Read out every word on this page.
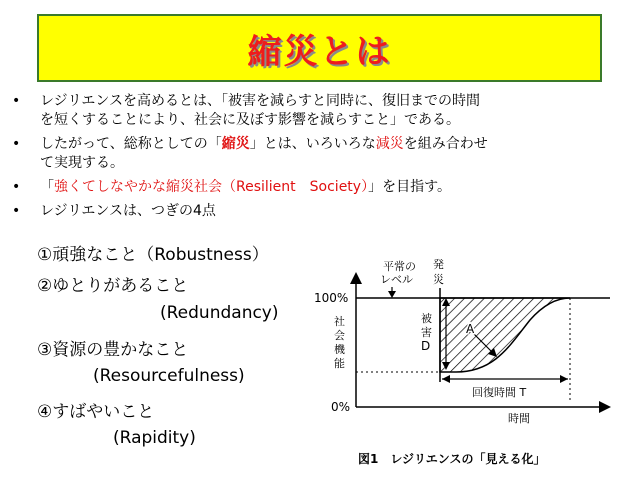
縮災とは
• レジリエンスを高めるとは、「被害を減らすと同時に、復旧までの時間
を短くすることにより、社会に及ぼす影響を減らすこと」である。
• したがって、総称としての「縮災」とは、いろいろな減災を組み合わせ
て実現する。
• 「強くてしなやかな縮災社会（Resilient　Society）」を目指す。
• レジリエンスは、つぎの4点
①頑強なこと（Robustness）
②ゆとりがあること
(Redundancy)
③資源の豊かなこと
(Resourcefulness)
④すばやいこと
(Rapidity)
平常の
レベル
発
災
100%
0%
社
会
機
能
被
害
D
A
回復時間 T
時間
図1　レジリエンスの「見える化」
